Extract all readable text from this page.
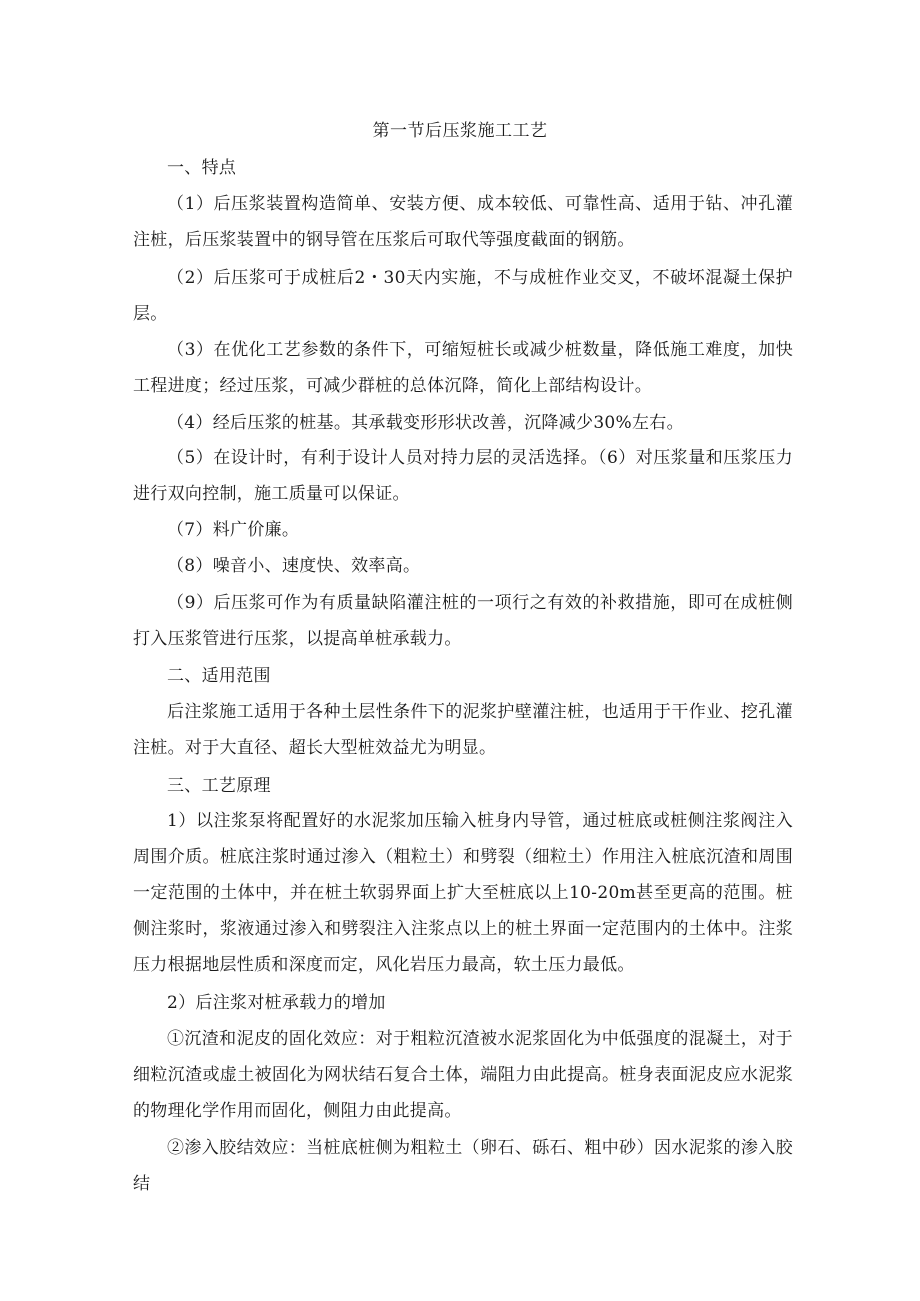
第一节后压浆施工工艺
一、特点
（1）后压浆装置构造简单、安装方便、成本较低、可靠性高、适用于钻、冲孔灌注桩，后压浆装置中的钢导管在压浆后可取代等强度截面的钢筋。
（2）后压浆可于成桩后2・30天内实施，不与成桩作业交叉，不破坏混凝土保护层。
（3）在优化工艺参数的条件下，可缩短桩长或减少桩数量，降低施工难度，加快工程进度；经过压浆，可减少群桩的总体沉降，简化上部结构设计。
（4）经后压浆的桩基。其承载变形形状改善，沉降减少30%左右。
（5）在设计时，有利于设计人员对持力层的灵活选择。（6）对压浆量和压浆压力进行双向控制，施工质量可以保证。
（7）料广价廉。
（8）噪音小、速度快、效率高。
（9）后压浆可作为有质量缺陷灌注桩的一项行之有效的补救措施，即可在成桩侧打入压浆管进行压浆，以提高单桩承载力。
二、适用范围
后注浆施工适用于各种土层性条件下的泥浆护壁灌注桩，也适用于干作业、挖孔灌注桩。对于大直径、超长大型桩效益尤为明显。
三、工艺原理
1）以注浆泵将配置好的水泥浆加压输入桩身内导管，通过桩底或桩侧注浆阀注入周围介质。桩底注浆时通过渗入（粗粒土）和劈裂（细粒土）作用注入桩底沉渣和周围一定范围的土体中，并在桩土软弱界面上扩大至桩底以上10-20m甚至更高的范围。桩侧注浆时，浆液通过渗入和劈裂注入注浆点以上的桩土界面一定范围内的土体中。注浆压力根据地层性质和深度而定，风化岩压力最高，软土压力最低。
2）后注浆对桩承载力的增加
①沉渣和泥皮的固化效应：对于粗粒沉渣被水泥浆固化为中低强度的混凝土，对于细粒沉渣或虚土被固化为网状结石复合土体，端阻力由此提高。桩身表面泥皮应水泥浆的物理化学作用而固化，侧阻力由此提高。
②渗入胶结效应：当桩底桩侧为粗粒土（卵石、砾石、粗中砂）因水泥浆的渗入胶结
